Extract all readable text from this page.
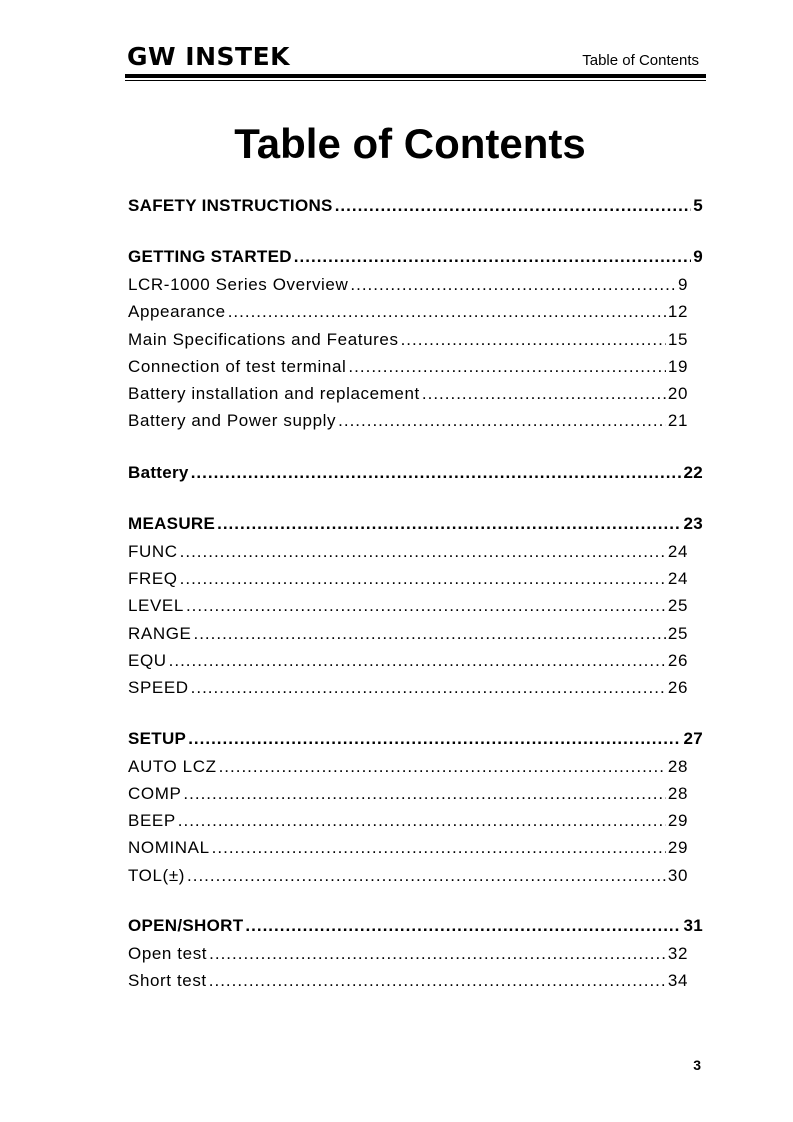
GW INSTEK	Table of Contents
Table of Contents
SAFETY INSTRUCTIONS .....	5
GETTING STARTED .....	9
LCR-1000 Series Overview .....	9
Appearance .....	12
Main Specifications and Features .....	15
Connection of test terminal .....	19
Battery installation and replacement .....	20
Battery and Power supply .....	21
Battery .....	22
MEASURE .....	23
FUNC .....	24
FREQ .....	24
LEVEL .....	25
RANGE .....	25
EQU .....	26
SPEED .....	26
SETUP .....	27
AUTO LCZ .....	28
COMP .....	28
BEEP .....	29
NOMINAL .....	29
TOL(±) .....	30
OPEN/SHORT .....	31
Open test .....	32
Short test .....	34
3
